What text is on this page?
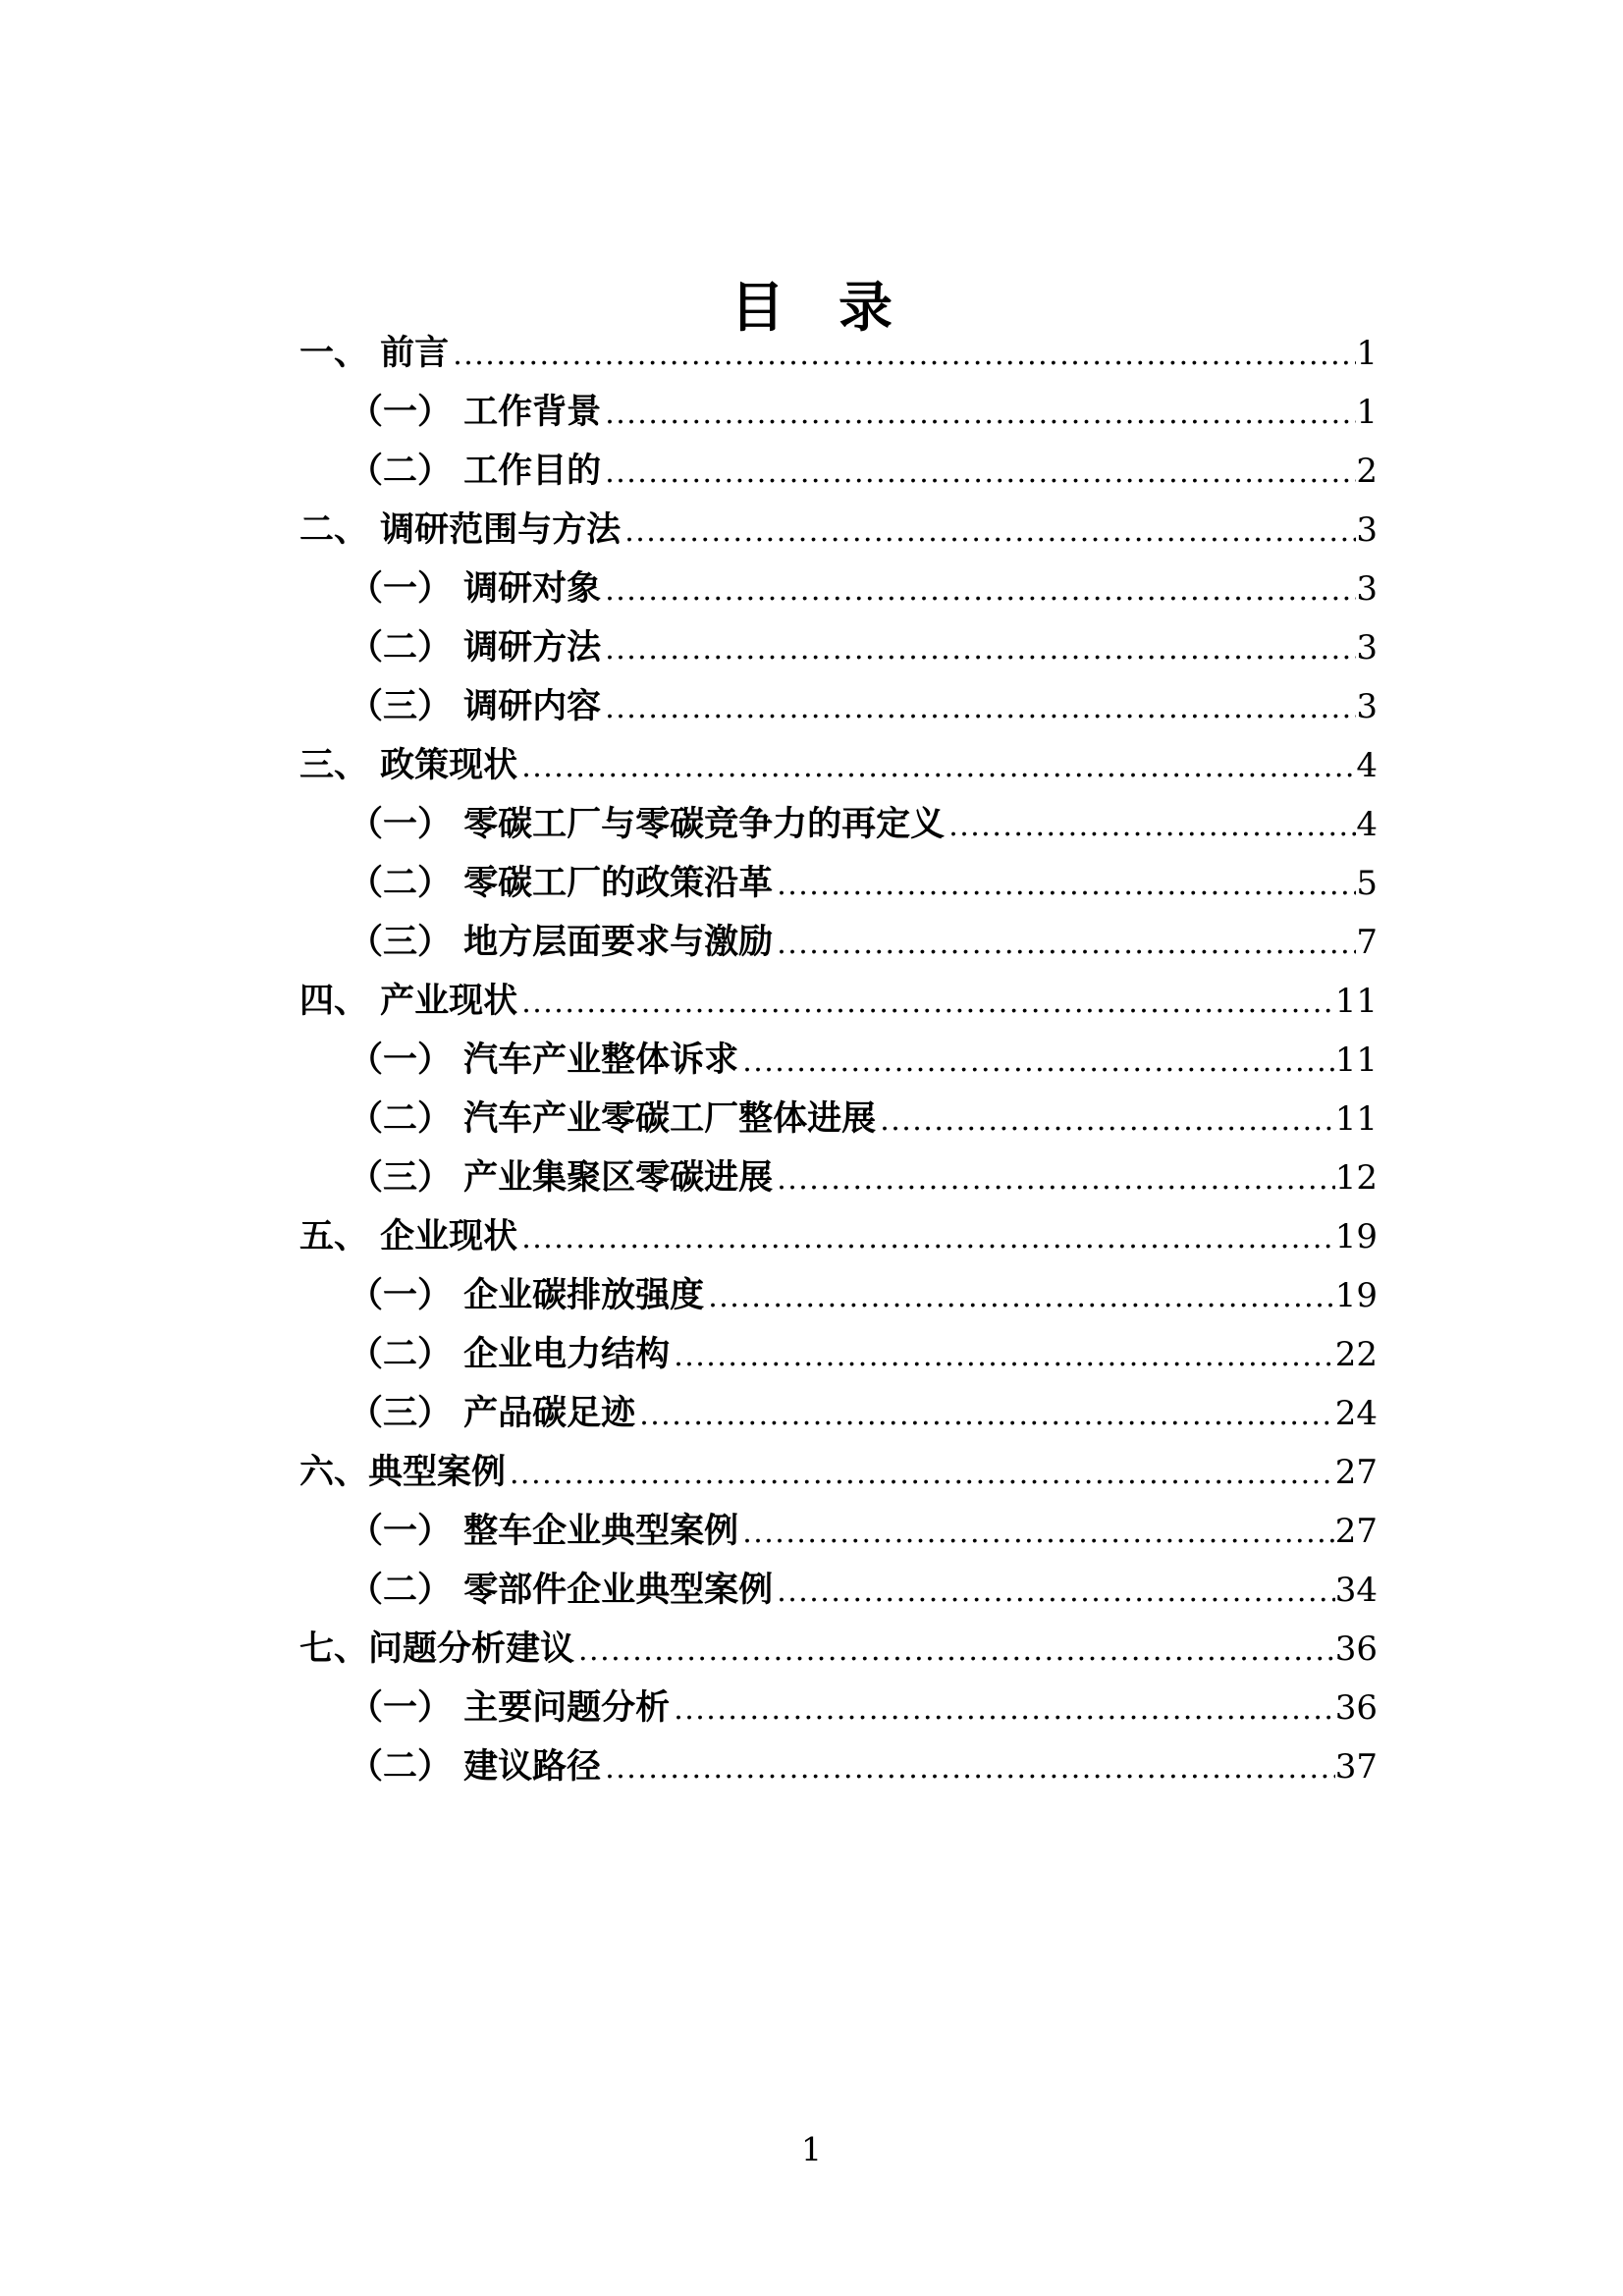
目　录
一、 前言 .....	1
（一） 工作背景 .....	1
（二） 工作目的 .....	2
二、 调研范围与方法 .....	3
（一） 调研对象 .....	3
（二） 调研方法 .....	3
（三） 调研内容 .....	3
三、 政策现状 .....	4
（一） 零碳工厂与零碳竞争力的再定义 .....	4
（二） 零碳工厂的政策沿革 .....	5
（三） 地方层面要求与激励 .....	7
四、 产业现状 .....	11
（一） 汽车产业整体诉求 .....	11
（二） 汽车产业零碳工厂整体进展 .....	11
（三） 产业集聚区零碳进展 .....	12
五、 企业现状 .....	19
（一） 企业碳排放强度 .....	19
（二） 企业电力结构 .....	22
（三） 产品碳足迹 .....	24
六、典型案例 .....	27
（一） 整车企业典型案例 .....	27
（二） 零部件企业典型案例 .....	34
七、问题分析建议 .....	36
（一） 主要问题分析 .....	36
（二） 建议路径 .....	37
1
